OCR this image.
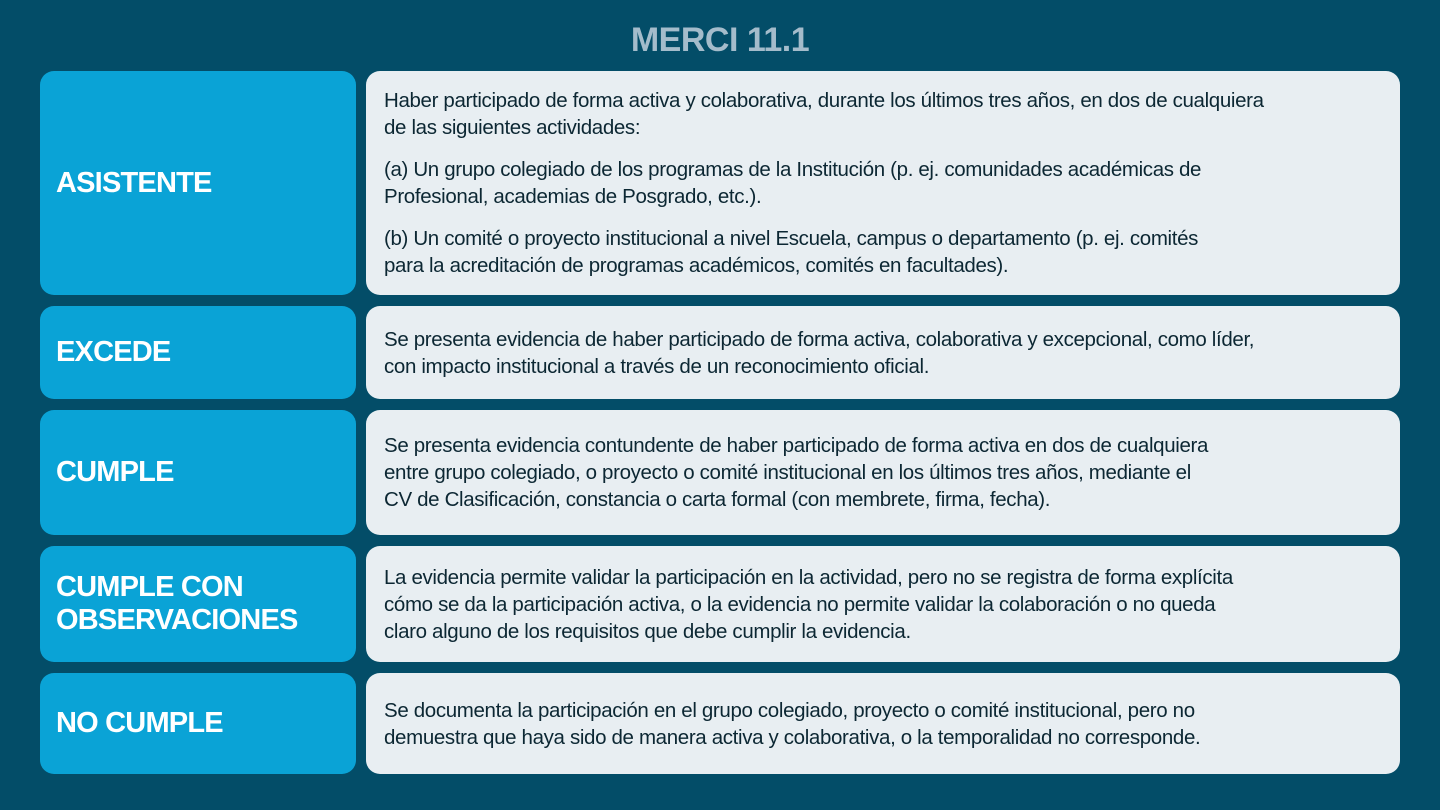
MERCI 11.1
ASISTENTE

Haber participado de forma activa y colaborativa, durante los últimos tres años, en dos de cualquiera
de las siguientes actividades:

(a) Un grupo colegiado de los programas de la Institución (p. ej. comunidades académicas de
Profesional, academias de Posgrado, etc.).

(b) Un comité o proyecto institucional a nivel Escuela, campus o departamento (p. ej. comités
para la acreditación de programas académicos, comités en facultades).

EXCEDE	Se presenta evidencia de haber participado de forma activa, colaborativa y excepcional, como líder,
con impacto institucional a través de un reconocimiento oficial.

CUMPLE

Se presenta evidencia contundente de haber participado de forma activa en dos de cualquiera
entre grupo colegiado, o proyecto o comité institucional en los últimos tres años, mediante el
CV de Clasificación, constancia o carta formal (con membrete, firma, fecha).

CUMPLE CON
OBSERVACIONES

La evidencia permite validar la participación en la actividad, pero no se registra de forma explícita
cómo se da la participación activa, o la evidencia no permite validar la colaboración o no queda
claro alguno de los requisitos que debe cumplir la evidencia.

NO CUMPLE	Se documenta la participación en el grupo colegiado, proyecto o comité institucional, pero no
demuestra que haya sido de manera activa y colaborativa, o la temporalidad no corresponde.
